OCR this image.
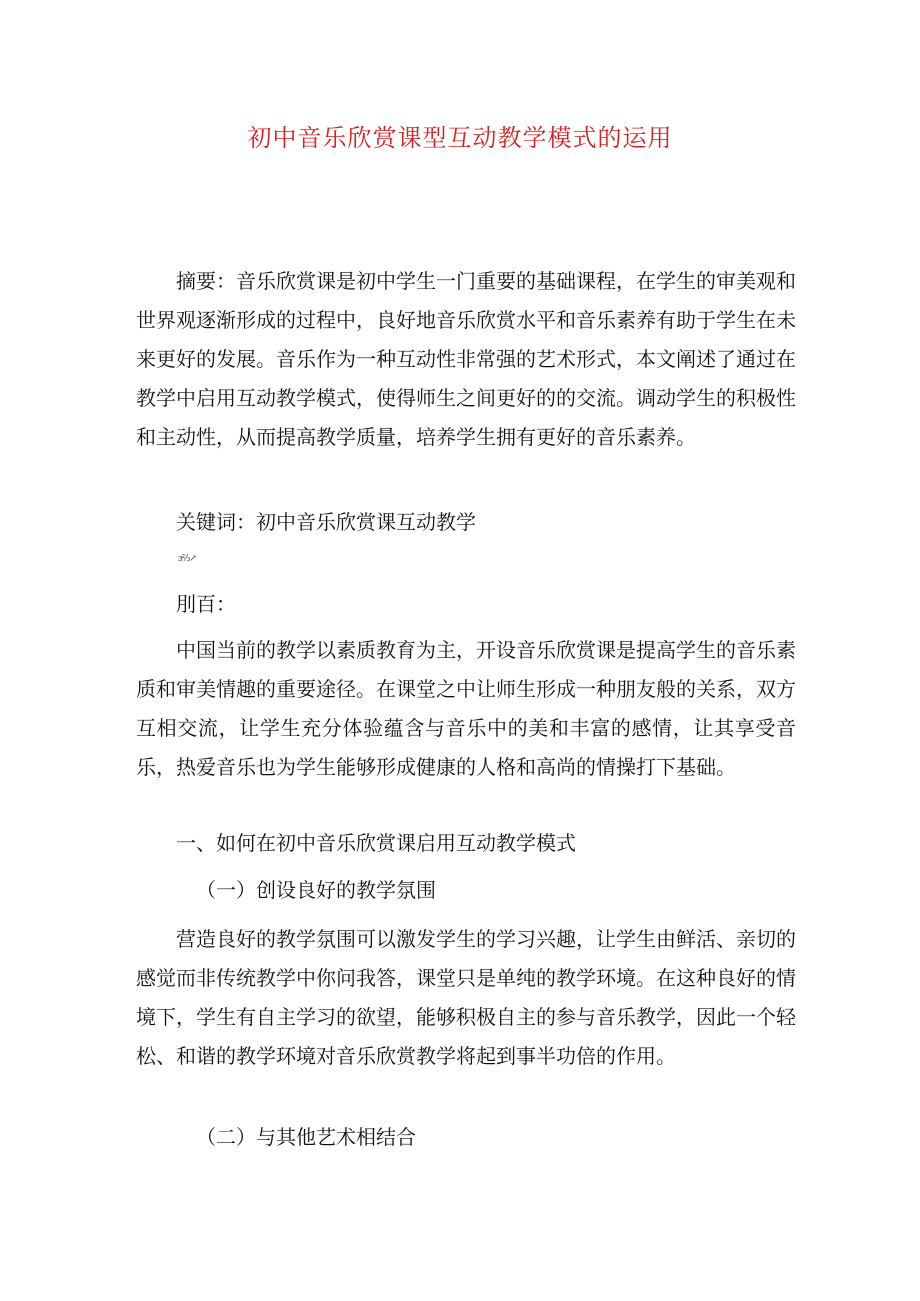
初中音乐欣赏课型互动教学模式的运用

摘要：音乐欣赏课是初中学生一门重要的基础课程，在学生的审美观和世界观逐渐形成的过程中，良好地音乐欣赏水平和音乐素养有助于学生在未来更好的发展。音乐作为一种互动性非常强的艺术形式，本文阐述了通过在教学中启用互动教学模式，使得师生之间更好的的交流。调动学生的积极性和主动性，从而提高教学质量，培养学生拥有更好的音乐素养。

关键词：初中音乐欣赏课互动教学

ɜ⅔↗

刖百：

中国当前的教学以素质教育为主，开设音乐欣赏课是提高学生的音乐素质和审美情趣的重要途径。在课堂之中让师生形成一种朋友般的关系，双方互相交流，让学生充分体验蕴含与音乐中的美和丰富的感情，让其享受音乐，热爱音乐也为学生能够形成健康的人格和高尚的情操打下基础。

一、如何在初中音乐欣赏课启用互动教学模式

（一）创设良好的教学氛围

营造良好的教学氛围可以激发学生的学习兴趣，让学生由鲜活、亲切的感觉而非传统教学中你问我答，课堂只是单纯的教学环境。在这种良好的情境下，学生有自主学习的欲望，能够积极自主的参与音乐教学，因此一个轻松、和谐的教学环境对音乐欣赏教学将起到事半功倍的作用。

（二）与其他艺术相结合
